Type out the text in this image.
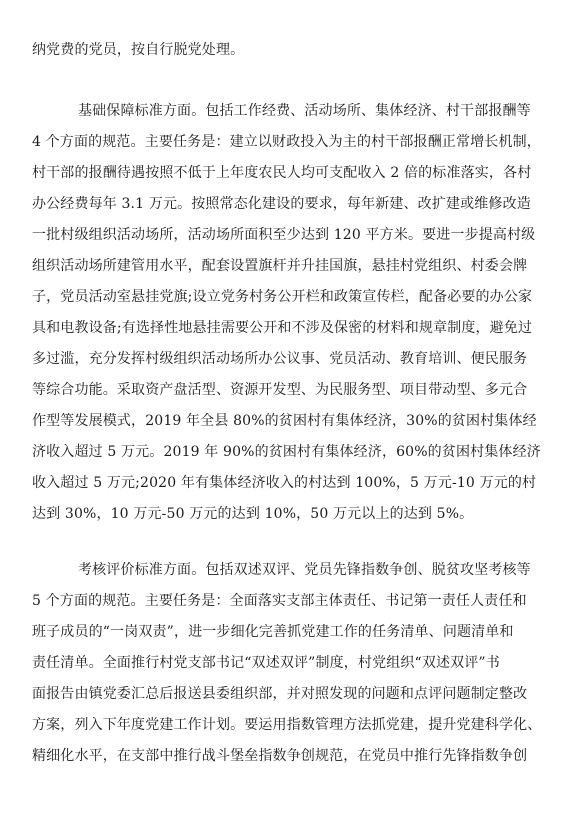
纳党费的党员，按自行脱党处理。
基础保障标准方面。包括工作经费、活动场所、集体经济、村干部报酬等
4 个方面的规范。主要任务是：建立以财政投入为主的村干部报酬正常增长机制，
村干部的报酬待遇按照不低于上年度农民人均可支配收入 2 倍的标准落实，各村
办公经费每年 3.1 万元。按照常态化建设的要求，每年新建、改扩建或维修改造
一批村级组织活动场所，活动场所面积至少达到 120 平方米。要进一步提高村级
组织活动场所建管用水平，配套设置旗杆并升挂国旗，悬挂村党组织、村委会牌
子，党员活动室悬挂党旗;设立党务村务公开栏和政策宣传栏，配备必要的办公家
具和电教设备;有选择性地悬挂需要公开和不涉及保密的材料和规章制度，避免过
多过滥，充分发挥村级组织活动场所办公议事、党员活动、教育培训、便民服务
等综合功能。采取资产盘活型、资源开发型、为民服务型、项目带动型、多元合
作型等发展模式，2019 年全县 80%的贫困村有集体经济，30%的贫困村集体经
济收入超过 5 万元。2019 年 90%的贫困村有集体经济，60%的贫困村集体经济
收入超过 5 万元;2020 年有集体经济收入的村达到 100%，5 万元-10 万元的村
达到 30%，10 万元-50 万元的达到 10%，50 万元以上的达到 5%。
考核评价标准方面。包括双述双评、党员先锋指数争创、脱贫攻坚考核等
5 个方面的规范。主要任务是：全面落实支部主体责任、书记第一责任人责任和
班子成员的“一岗双责”，进一步细化完善抓党建工作的任务清单、问题清单和
责任清单。全面推行村党支部书记“双述双评”制度，村党组织“双述双评”书
面报告由镇党委汇总后报送县委组织部，并对照发现的问题和点评问题制定整改
方案，列入下年度党建工作计划。要运用指数管理方法抓党建，提升党建科学化、
精细化水平，在支部中推行战斗堡垒指数争创规范，在党员中推行先锋指数争创
